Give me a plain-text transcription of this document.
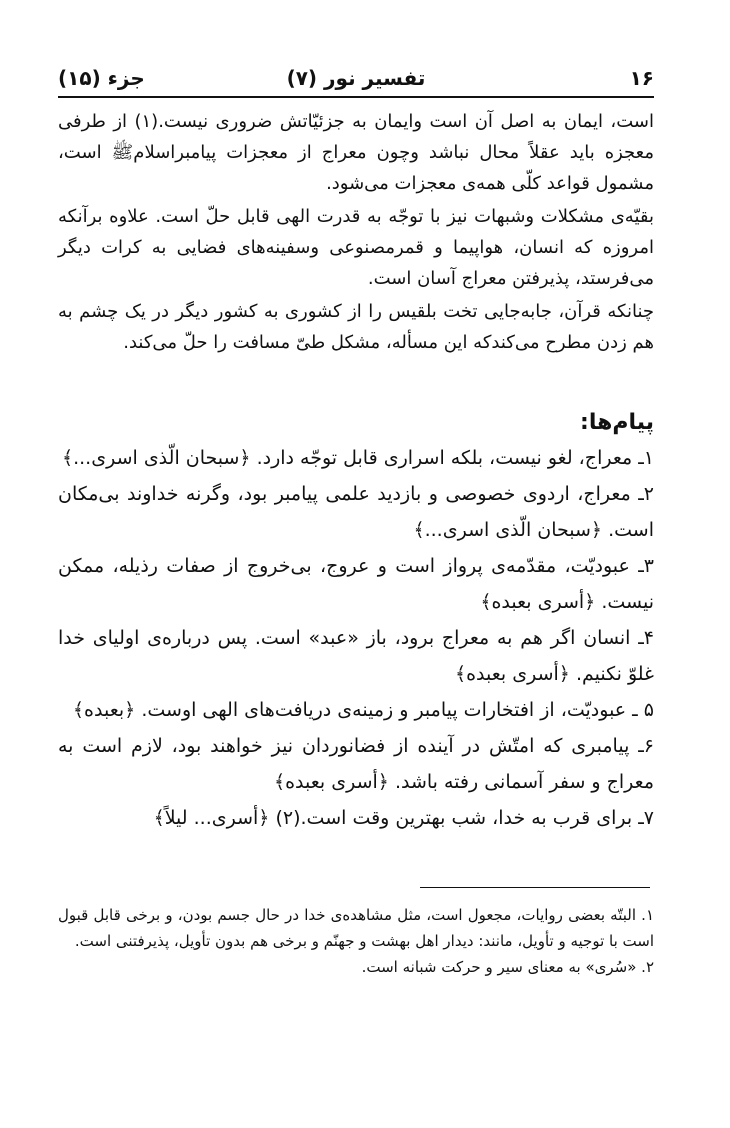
۱۶
تفسیر نور (۷)
جزء (۱۵)

است، ایمان به اصل آن است وایمان به جزئیّاتش ضروری نیست.(۱) از طرفی معجزه باید عقلاً محال نباشد وچون معراج از معجزات پیامبراسلامﷺ است، مشمول قواعد کلّی همه‌ی معجزات می‌شود.

بقیّه‌ی مشکلات وشبهات نیز با توجّه به قدرت الهی قابل حلّ است. علاوه برآنکه امروزه که انسان، هواپیما و قمرمصنوعی وسفینه‌های فضایی به کرات دیگر می‌فرستد، پذیرفتن معراج آسان است.

چنانکه قرآن، جابه‌جایی تخت بلقیس را از کشوری به کشور دیگر در یک چشم به هم زدن مطرح می‌کندکه این مسأله، مشکل طیّ مسافت را حلّ می‌کند.

پیام‌ها:

۱ـ معراج، لغو نیست، بلکه اسراری قابل توجّه دارد. ﴿سبحان الّذی اسری...﴾

۲ـ معراج، اردوی خصوصی و بازدید علمی پیامبر بود، وگرنه خداوند بی‌مکان است. ﴿سبحان الّذی اسری...﴾

۳ـ عبودیّت، مقدّمه‌ی پرواز است و عروج، بی‌خروج از صفات رذیله، ممکن نیست. ﴿أسری بعبده﴾

۴ـ انسان اگر هم به معراج برود، باز «عبد» است. پس درباره‌ی اولیای خدا غلوّ نکنیم. ﴿أسری بعبده﴾

۵ ـ عبودیّت، از افتخارات پیامبر و زمینه‌ی دریافت‌های الهی اوست. ﴿بعبده﴾

۶ـ پیامبری که امتّش در آینده از فضانوردان نیز خواهند بود، لازم است به معراج و سفر آسمانی رفته باشد. ﴿أسری بعبده﴾

۷ـ برای قرب به خدا، شب بهترین وقت است.(۲) ﴿أسری... لیلاً﴾

۱. البتّه بعضی روایات، مجعول است، مثل مشاهده‌ی خدا در حال جسم بودن، و برخی قابل قبول است با توجیه و تأویل، مانند: دیدار اهل بهشت و جهنّم و برخی هم بدون تأویل، پذیرفتنی است.

۲. «سُری» به معنای سیر و حرکت شبانه است.
